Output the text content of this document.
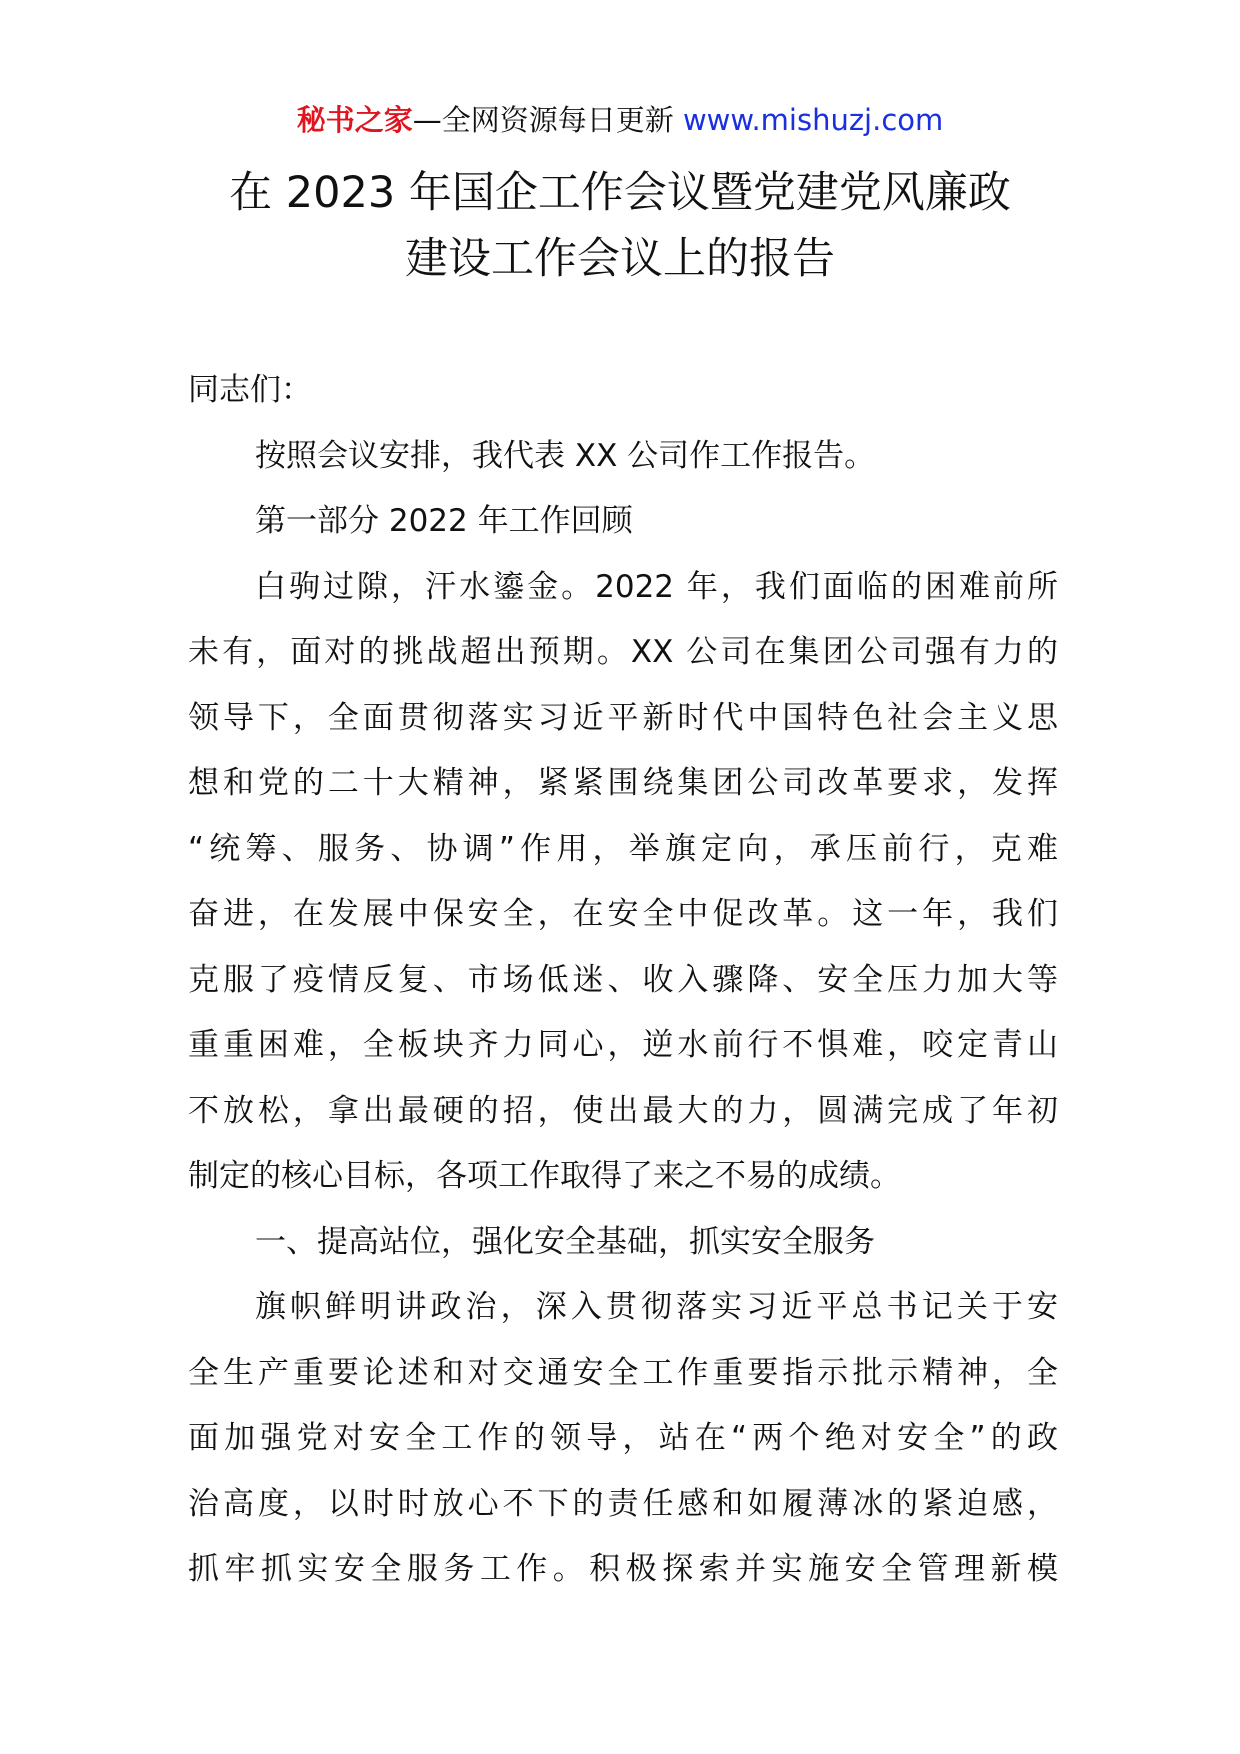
秘书之家—全网资源每日更新 www.mishuzj.com
在 2023 年国企工作会议暨党建党风廉政
建设工作会议上的报告
同志们：
按照会议安排，我代表 XX 公司作工作报告。
第一部分 2022 年工作回顾
白驹过隙，汗水鎏金。2022 年，我们面临的困难前所
未有，面对的挑战超出预期。XX 公司在集团公司强有力的
领导下，全面贯彻落实习近平新时代中国特色社会主义思
想和党的二十大精神，紧紧围绕集团公司改革要求，发挥
“统筹、服务、协调”作用，举旗定向，承压前行，克难
奋进，在发展中保安全，在安全中促改革。这一年，我们
克服了疫情反复、市场低迷、收入骤降、安全压力加大等
重重困难，全板块齐力同心，逆水前行不惧难，咬定青山
不放松，拿出最硬的招，使出最大的力，圆满完成了年初
制定的核心目标，各项工作取得了来之不易的成绩。
一、提高站位，强化安全基础，抓实安全服务
旗帜鲜明讲政治，深入贯彻落实习近平总书记关于安
全生产重要论述和对交通安全工作重要指示批示精神，全
面加强党对安全工作的领导，站在“两个绝对安全”的政
治高度，以时时放心不下的责任感和如履薄冰的紧迫感，
抓牢抓实安全服务工作。积极探索并实施安全管理新模
